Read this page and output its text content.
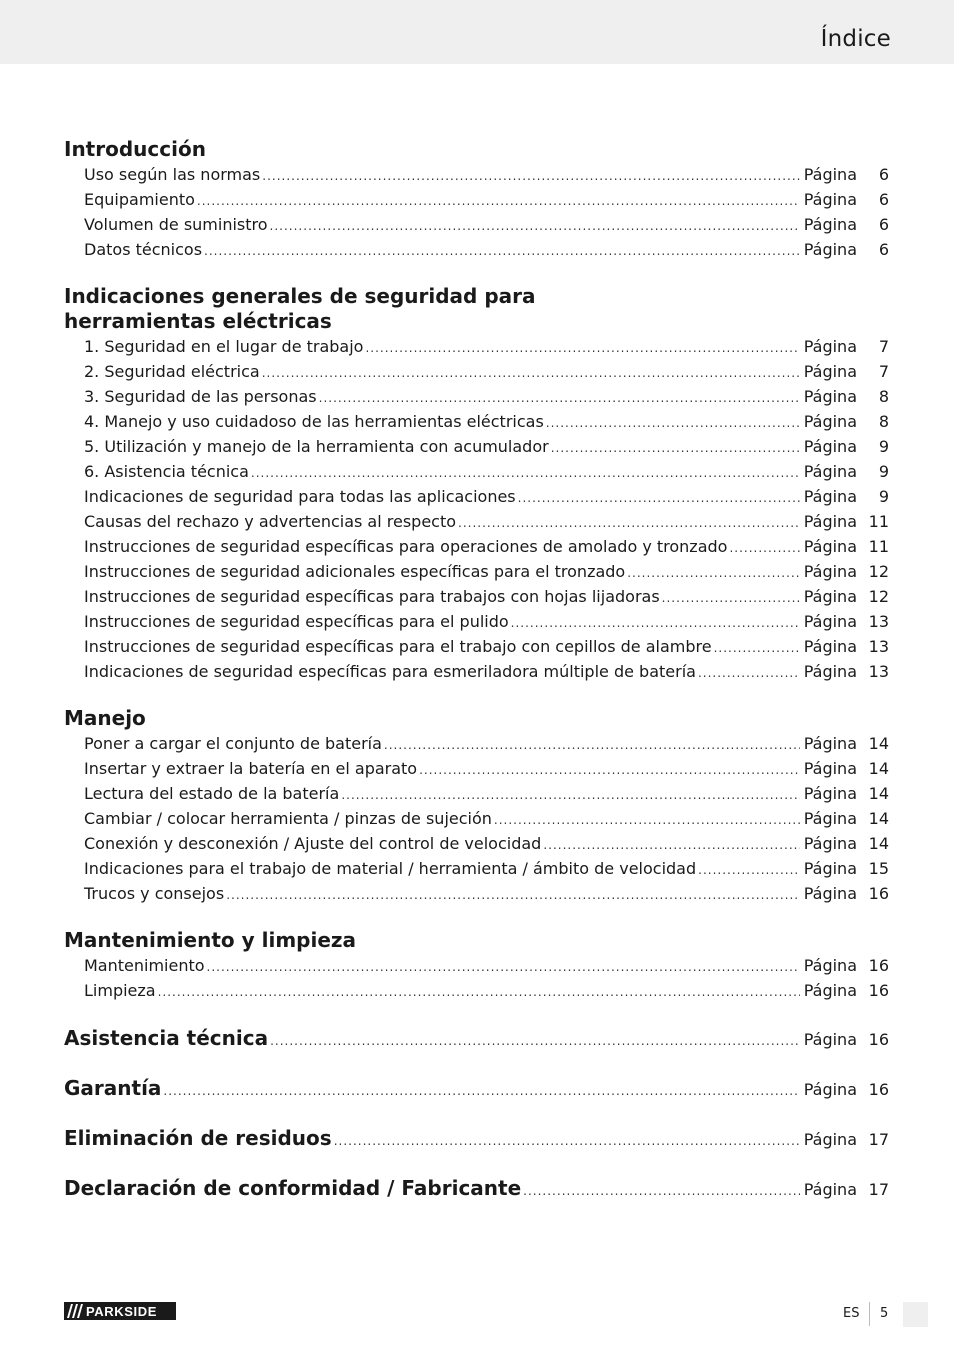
Índice
Introducción
Uso según las normas .....	Página	6
Equipamiento .....	Página	6
Volumen de suministro .....	Página	6
Datos técnicos .....	Página	6
Indicaciones generales de seguridad para
herramientas eléctricas
1. Seguridad en el lugar de trabajo .....	Página	7
2. Seguridad eléctrica .....	Página	7
3. Seguridad de las personas .....	Página	8
4. Manejo y uso cuidadoso de las herramientas eléctricas .....	Página	8
5. Utilización y manejo de la herramienta con acumulador .....	Página	9
6. Asistencia técnica .....	Página	9
Indicaciones de seguridad para todas las aplicaciones .....	Página	9
Causas del rechazo y advertencias al respecto .....	Página 11
Instrucciones de seguridad específicas para operaciones de amolado y tronzado .....	Página 11
Instrucciones de seguridad adicionales específicas para el tronzado .....	Página 12
Instrucciones de seguridad específicas para trabajos con hojas lijadoras .....	Página 12
Instrucciones de seguridad específicas para el pulido .....	Página 13
Instrucciones de seguridad específicas para el trabajo con cepillos de alambre .....	Página 13
Indicaciones de seguridad específicas para esmeriladora múltiple de batería .....	Página 13
Manejo
Poner a cargar el conjunto de batería .....	Página 14
Insertar y extraer la batería en el aparato .....	Página 14
Lectura del estado de la batería .....	Página 14
Cambiar / colocar herramienta / pinzas de sujeción .....	Página 14
Conexión y desconexión / Ajuste del control de velocidad .....	Página 14
Indicaciones para el trabajo de material / herramienta / ámbito de velocidad .....	Página 15
Trucos y consejos .....	Página 16
Mantenimiento y limpieza
Mantenimiento .....	Página 16
Limpieza .....	Página 16
Asistencia técnica .....	Página 16
Garantía .....	Página 16
Eliminación de residuos .....	Página 17
Declaración de conformidad / Fabricante .....	Página 17
PARKSIDE	ES 5
